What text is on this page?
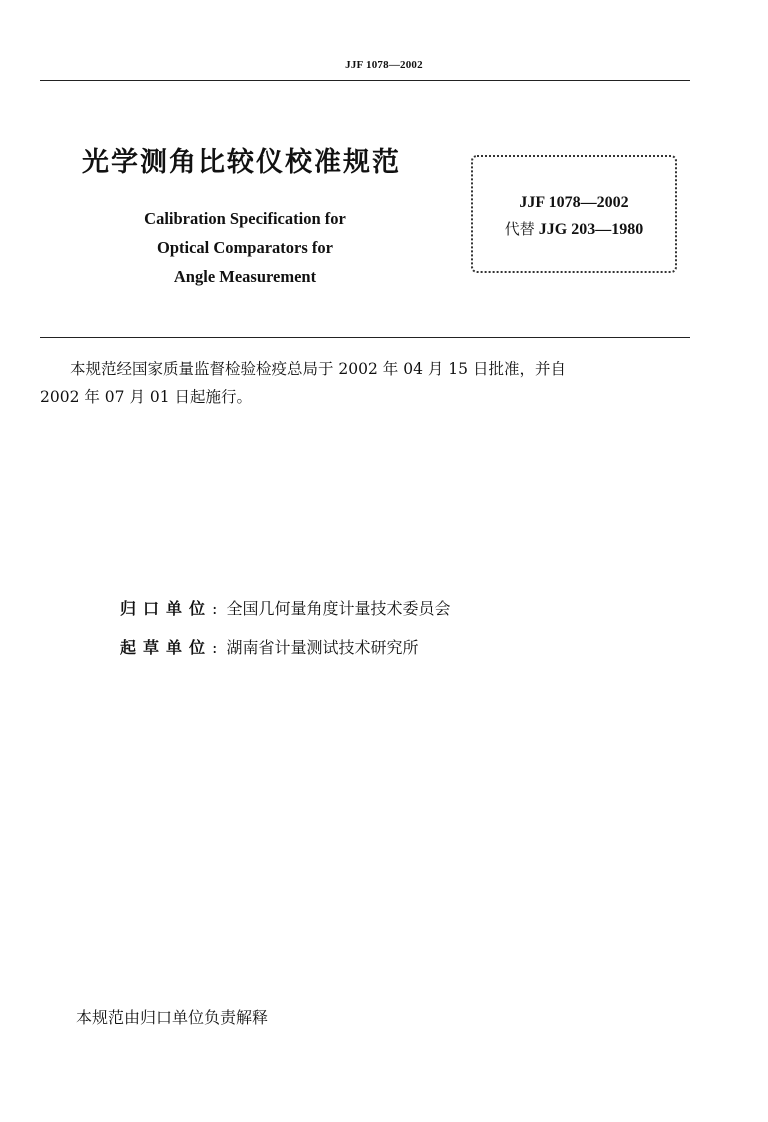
JJF 1078—2002
光学测角比较仪校准规范
Calibration Specification for
Optical Comparators for
Angle Measurement
JJF 1078—2002
代替 JJG 203—1980
本规范经国家质量监督检验检疫总局于 2002 年 04 月 15 日批准，并自
2002 年 07 月 01 日起施行。
归口单位: 全国几何量角度计量技术委员会
起草单位: 湖南省计量测试技术研究所
本规范由归口单位负责解释
